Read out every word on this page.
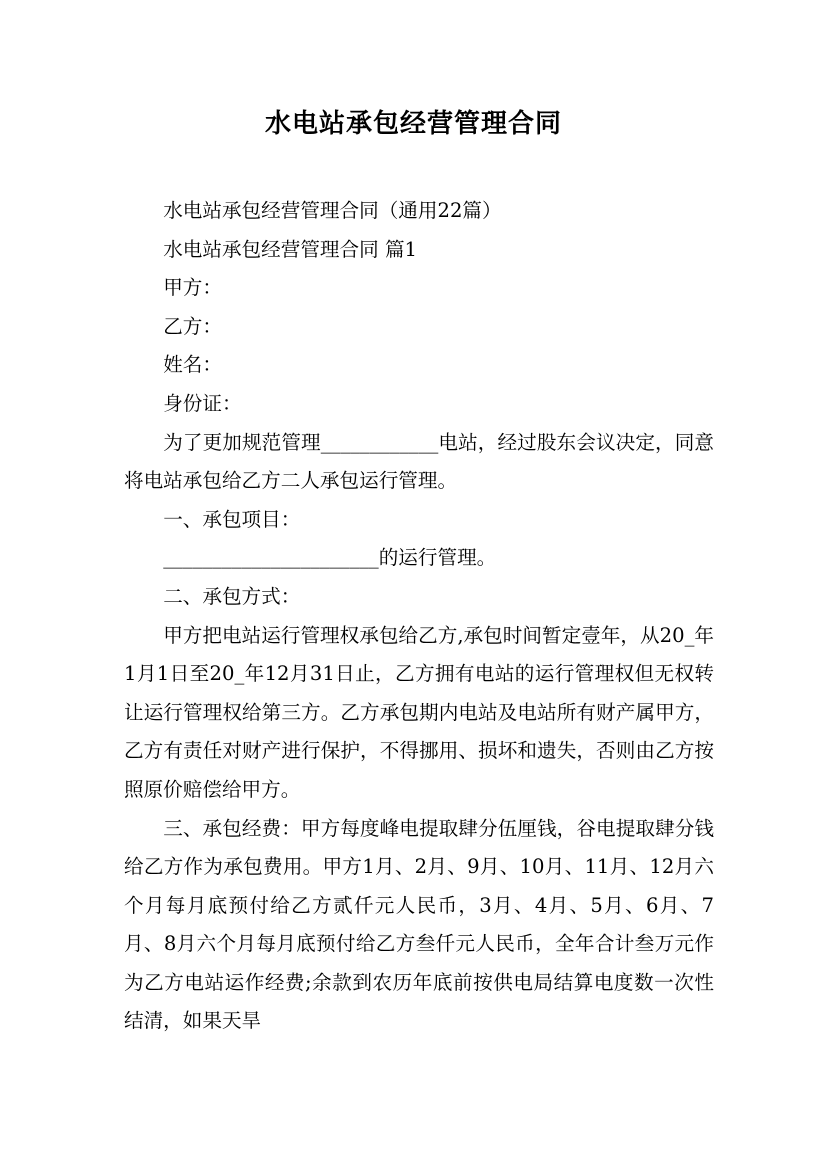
水电站承包经营管理合同

水电站承包经营管理合同（通用22篇）

水电站承包经营管理合同 篇1

甲方：

乙方：

姓名：

身份证：

为了更加规范管理____________电站，经过股东会议决定，同意将电站承包给乙方二人承包运行管理。

一、承包项目：

______________________的运行管理。

二、承包方式：

甲方把电站运行管理权承包给乙方,承包时间暂定壹年，从20_年1月1日至20_年12月31日止，乙方拥有电站的运行管理权但无权转让运行管理权给第三方。乙方承包期内电站及电站所有财产属甲方，乙方有责任对财产进行保护，不得挪用、损坏和遗失，否则由乙方按照原价赔偿给甲方。

三、承包经费：甲方每度峰电提取肆分伍厘钱，谷电提取肆分钱给乙方作为承包费用。甲方1月、2月、9月、10月、11月、12月六个月每月底预付给乙方贰仟元人民币，3月、4月、5月、6月、7月、8月六个月每月底预付给乙方叁仟元人民币，全年合计叁万元作为乙方电站运作经费;余款到农历年底前按供电局结算电度数一次性结清，如果天旱
